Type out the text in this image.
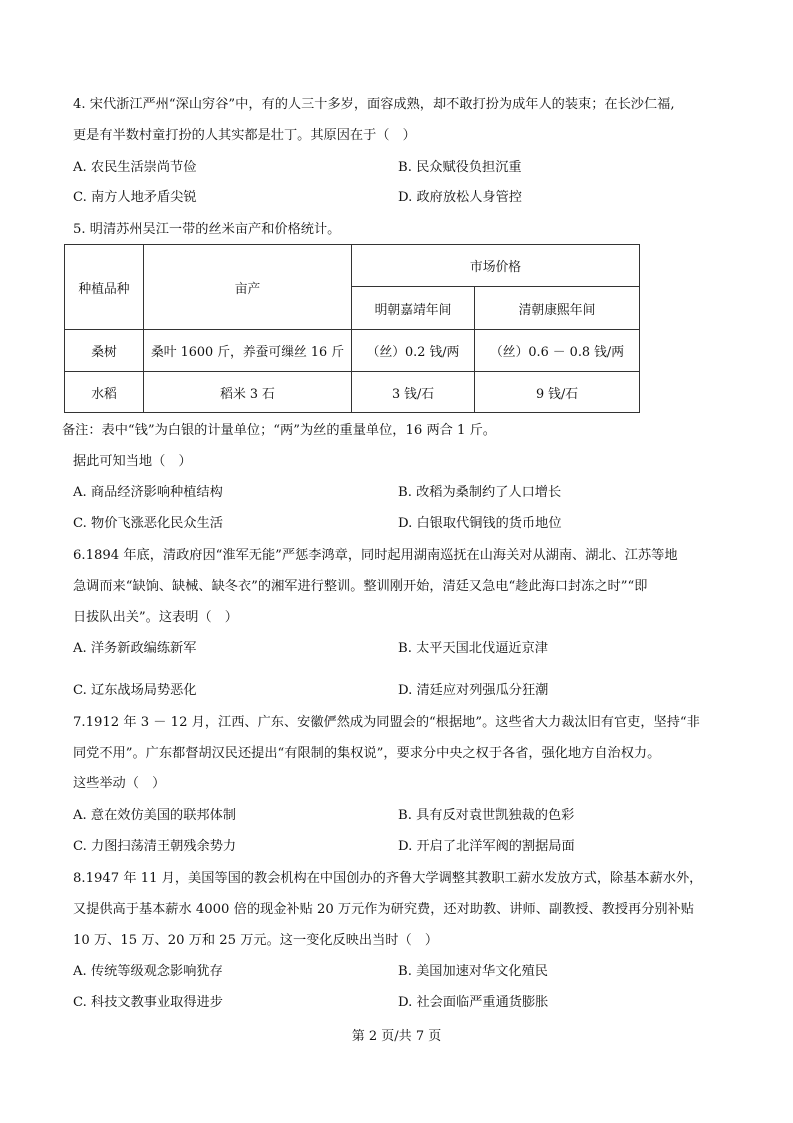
4. 宋代浙江严州“深山穷谷”中，有的人三十多岁，面容成熟，却不敢打扮为成年人的装束；在长沙仁福,
更是有半数村童打扮的人其实都是壮丁。其原因在于（　）
A. 农民生活崇尚节俭	B. 民众赋役负担沉重
C. 南方人地矛盾尖锐	D. 政府放松人身管控
5. 明清苏州吴江一带的丝米亩产和价格统计。
种植品种	亩产	市场价格	
		明朝嘉靖年间	清朝康熙年间
桑树	桑叶 1600 斤，养蚕可缫丝 16 斤	（丝）0.2 钱/两	（丝）0.6 － 0.8 钱/两
水稻	稻米 3 石	3 钱/石	9 钱/石
备注：表中“钱”为白银的计量单位；“两”为丝的重量单位，16 两合 1 斤。
据此可知当地（　）
A. 商品经济影响种植结构	B. 改稻为桑制约了人口增长
C. 物价飞涨恶化民众生活	D. 白银取代铜钱的货币地位
6.1894 年底，清政府因“淮军无能”严惩李鸿章，同时起用湖南巡抚在山海关对从湖南、湖北、江苏等地
急调而来“缺饷、缺械、缺冬衣”的湘军进行整训。整训刚开始，清廷又急电“趁此海口封冻之时”“即
日拔队出关”。这表明（　）
A. 洋务新政编练新军	B. 太平天国北伐逼近京津
C. 辽东战场局势恶化	D. 清廷应对列强瓜分狂潮
7.1912 年 3 － 12 月，江西、广东、安徽俨然成为同盟会的“根据地”。这些省大力裁汰旧有官吏，坚持“非
同党不用”。广东都督胡汉民还提出“有限制的集权说”，要求分中央之权于各省，强化地方自治权力。
这些举动（　）
A. 意在效仿美国的联邦体制	B. 具有反对袁世凯独裁的色彩
C. 力图扫荡清王朝残余势力	D. 开启了北洋军阀的割据局面
8.1947 年 11 月，美国等国的教会机构在中国创办的齐鲁大学调整其教职工薪水发放方式，除基本薪水外，
又提供高于基本薪水 4000 倍的现金补贴 20 万元作为研究费，还对助教、讲师、副教授、教授再分别补贴
10 万、15 万、20 万和 25 万元。这一变化反映出当时（　）
A. 传统等级观念影响犹存	B. 美国加速对华文化殖民
C. 科技文教事业取得进步	D. 社会面临严重通货膨胀
第 2 页/共 7 页
